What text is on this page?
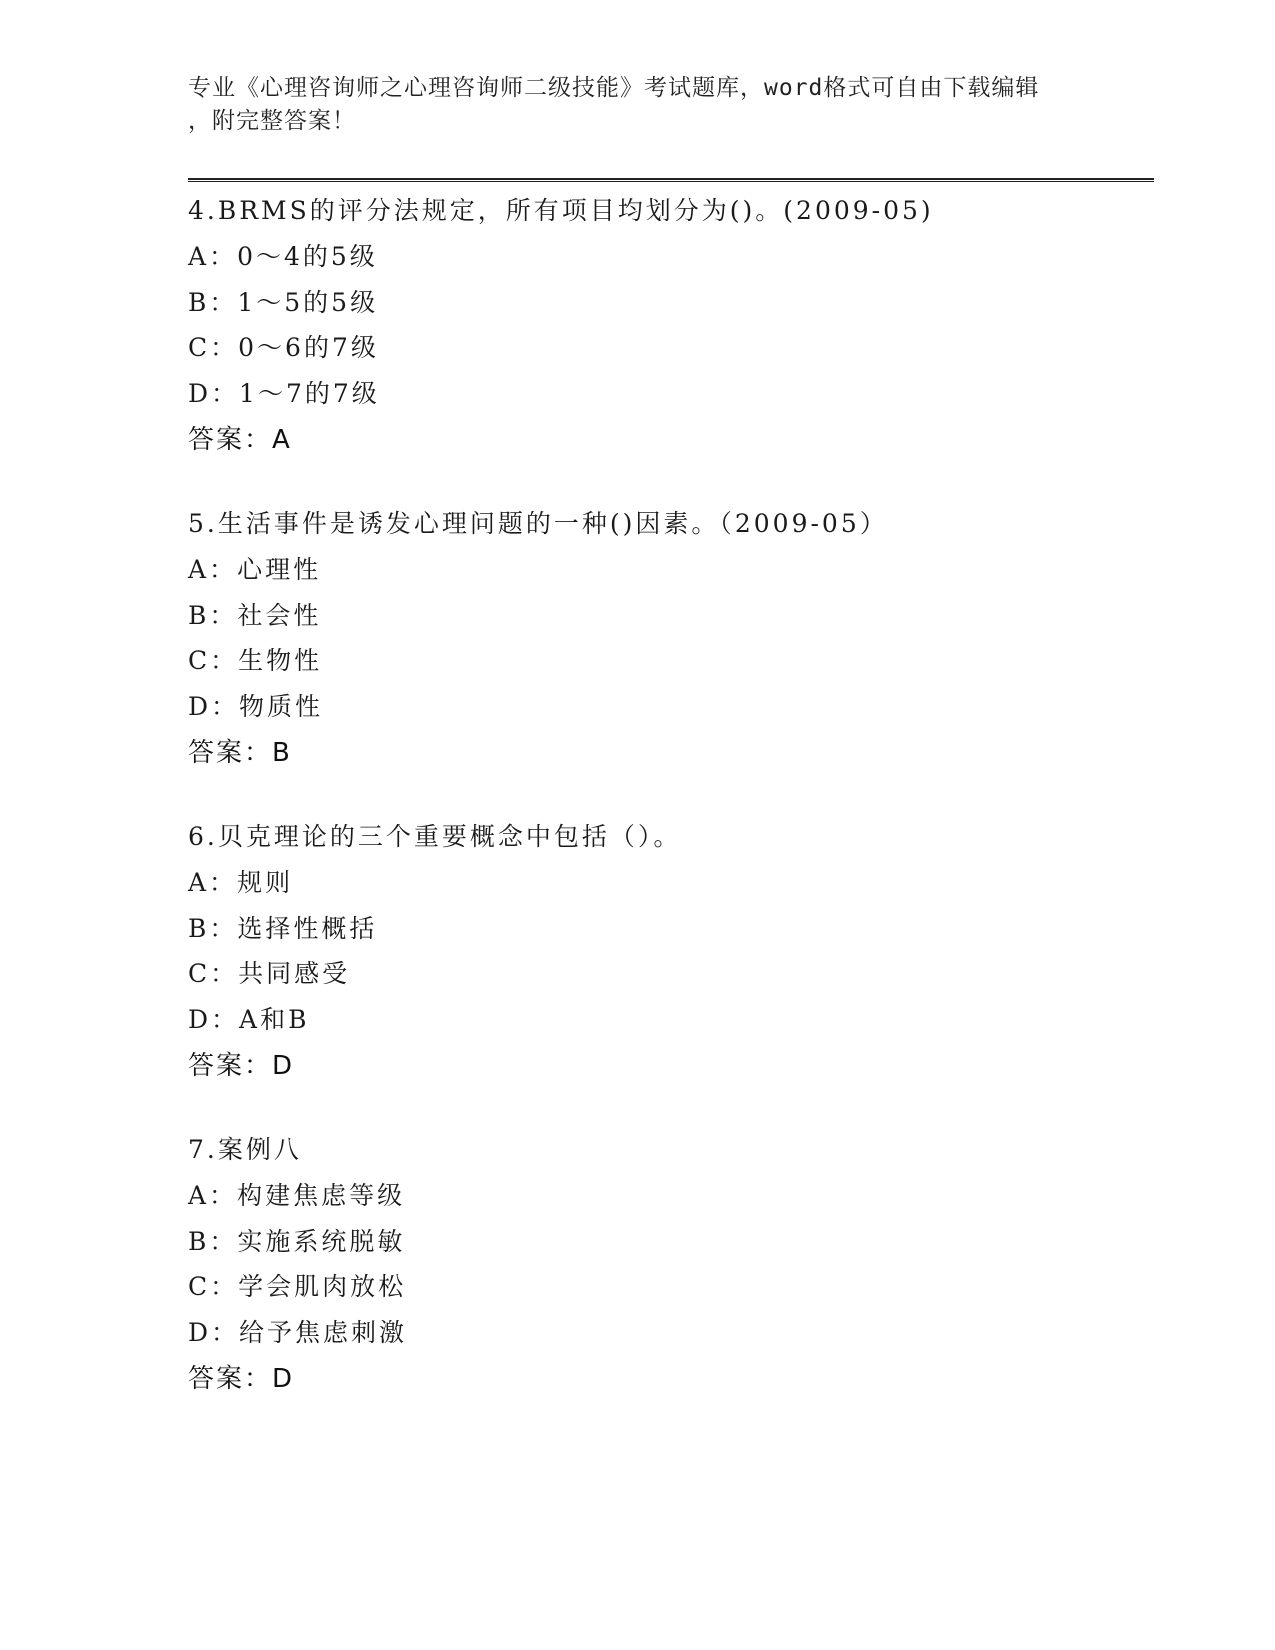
专业《心理咨询师之心理咨询师二级技能》考试题库，word格式可自由下载编辑
，附完整答案！
4.BRMS的评分法规定，所有项目均划分为()。(2009-05)
A：0～4的5级
B：1～5的5级
C：0～6的7级
D：1～7的7级
答案：A
5.生活事件是诱发心理问题的一种()因素。（2009-05）
A：心理性
B：社会性
C：生物性
D：物质性
答案：B
6.贝克理论的三个重要概念中包括（）。
A：规则
B：选择性概括
C：共同感受
D：A和B
答案：D
7.案例八
A：构建焦虑等级
B：实施系统脱敏
C：学会肌肉放松
D：给予焦虑刺激
答案：D
